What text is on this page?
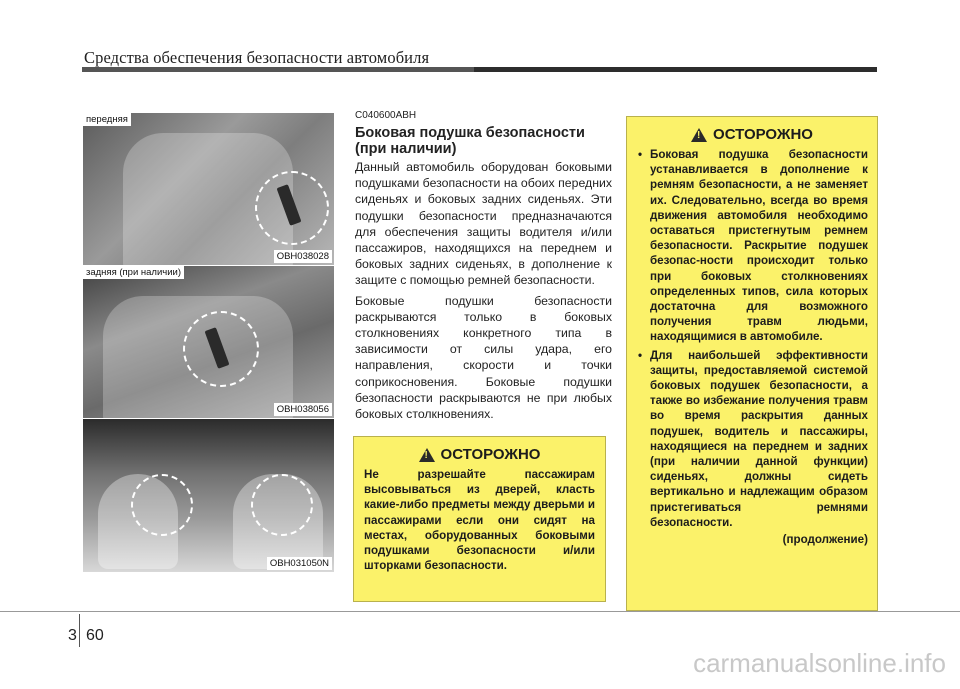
Средства обеспечения безопасности автомобиля
передняя
OBH038028
задняя (при наличии)
OBH038056
OBH031050N
C040600ABH
Боковая подушка безопасности (при наличии)

Данный автомобиль оборудован боковыми подушками безопасности на обоих передних сиденьях и боковых задних сиденьях. Эти подушки безопасности предназначаются для обеспечения защиты водителя и/или пассажиров, находящихся на переднем и боковых задних сиденьях, в дополнение к защите с помощью ремней безопасности.

Боковые подушки безопасности раскрываются только в боковых столкновениях конкретного типа в зависимости от силы удара, его направления, скорости и точки соприкосновения. Боковые подушки безопасности раскрываются не при любых боковых столкновениях.

! ОСТОРОЖНО
Не разрешайте пассажирам высовываться из дверей, класть какие-либо предметы между дверьми и пассажирами если они сидят на местах, оборудованных боковыми подушками безопасности и/или шторками безопасности.
! ОСТОРОЖНО
• Боковая подушка безопасности устанавливается в дополнение к ремням безопасности, а не заменяет их. Следовательно, всегда во время движения автомобиля необходимо оставаться пристегнутым ремнем безопасности. Раскрытие подушек безопас-ности происходит только при боковых столкновениях определенных типов, сила которых достаточна для возможного получения травм людьми, находящимися в автомобиле.
• Для наибольшей эффективности защиты, предоставляемой системой боковых подушек безопасности, а также во избежание получения травм во время раскрытия данных подушек, водитель и пассажиры, находящиеся на переднем и задних (при наличии данной функции) сиденьях, должны сидеть вертикально и надлежащим образом пристегиваться ремнями безопасности.
(продолжение)
3 60
carmanualsonline.info
